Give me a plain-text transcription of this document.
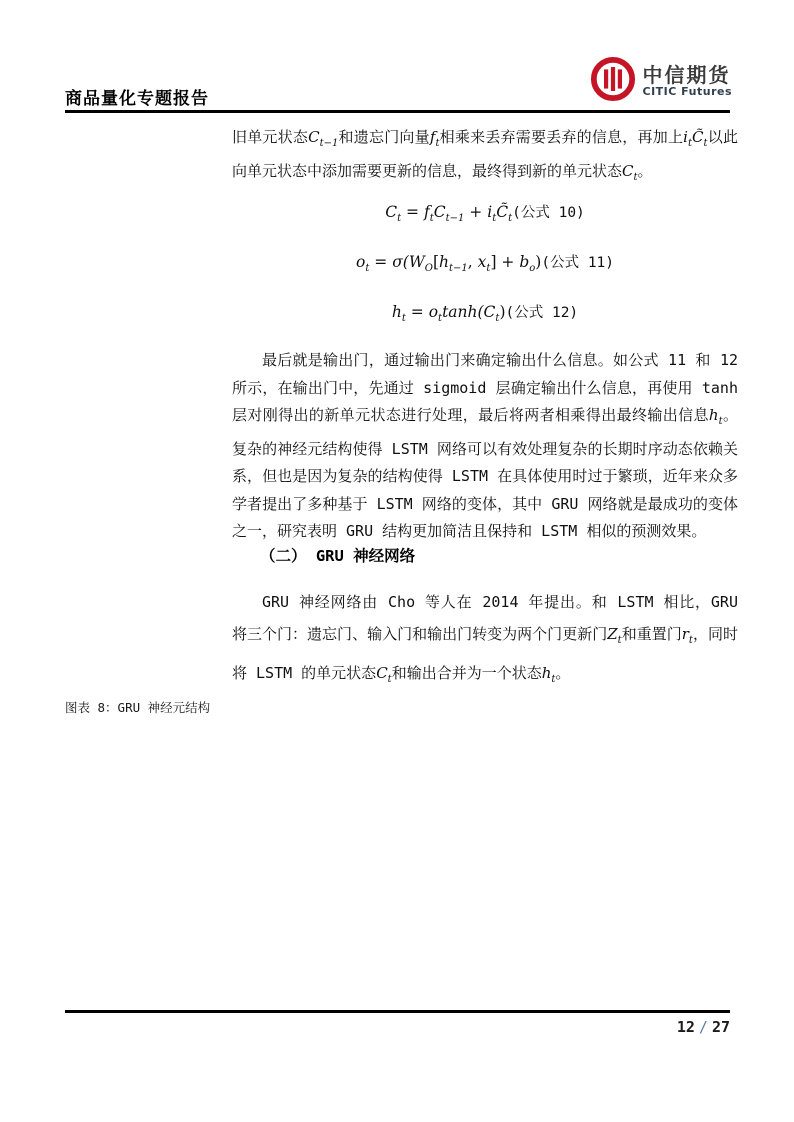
商品量化专题报告
中信期货
CITIC Futures

旧单元状态$C_{t-1}$和遗忘门向量$f_t$相乘来丢弃需要丢弃的信息，再加上$i_tC̃_t$以此向单元状态中添加需要更新的信息，最终得到新的单元状态$C_t$。

$C_t = f_tC_{t-1}$ + $i_tC̃_t$(公式 10)
$o_t = \sigma(W_O[h_{t-1}$, $x_t] + b_o$)(公式 11)
$h_t = o_t\tanh(C_t)$(公式 12)

最后就是输出门，通过输出门来确定输出什么信息。如公式 11 和 12 所示，在输出门中，先通过 sigmoid 层确定输出什么信息，再使用 tanh 层对刚得出的新单元状态进行处理，最后将两者相乘得出最终输出信息$h_t$。复杂的神经元结构使得 LSTM 网络可以有效处理复杂的长期时序动态依赖关系，但也是因为复杂的结构使得 LSTM 在具体使用时过于繁琐，近年来众多学者提出了多种基于 LSTM 网络的变体，其中 GRU 网络就是最成功的变体之一，研究表明 GRU 结构更加简洁且保持和 LSTM 相似的预测效果。

（二） GRU 神经网络

GRU 神经网络由 Cho 等人在 2014 年提出。和 LSTM 相比，GRU 将三个门：遗忘门、输入门和输出门转变为两个门更新门$Z_t$和重置门$r_t$，同时将 LSTM 的单元状态$C_t$和输出合并为一个状态$h_t$。

图表 8：GRU 神经元结构
12 / 27
